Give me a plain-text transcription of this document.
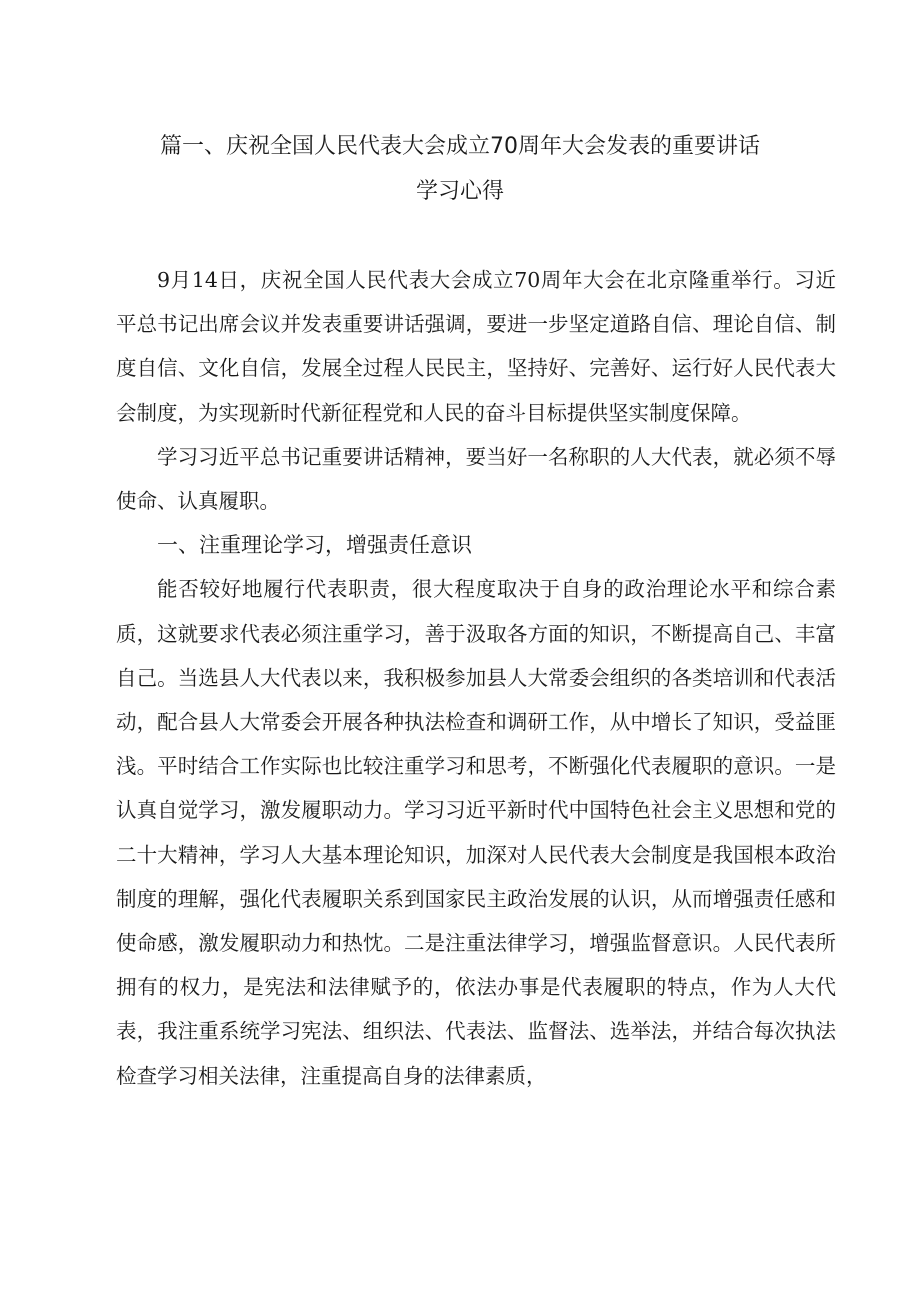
篇一、庆祝全国人民代表大会成立70周年大会发表的重要讲话
学习心得

9月14日，庆祝全国人民代表大会成立70周年大会在北京隆重举行。习近平总书记出席会议并发表重要讲话强调，要进一步坚定道路自信、理论自信、制度自信、文化自信，发展全过程人民民主，坚持好、完善好、运行好人民代表大会制度，为实现新时代新征程党和人民的奋斗目标提供坚实制度保障。

学习习近平总书记重要讲话精神，要当好一名称职的人大代表，就必须不辱使命、认真履职。

一、注重理论学习，增强责任意识

能否较好地履行代表职责，很大程度取决于自身的政治理论水平和综合素质，这就要求代表必须注重学习，善于汲取各方面的知识，不断提高自己、丰富自己。当选县人大代表以来，我积极参加县人大常委会组织的各类培训和代表活动，配合县人大常委会开展各种执法检查和调研工作，从中增长了知识，受益匪浅。平时结合工作实际也比较注重学习和思考，不断强化代表履职的意识。一是认真自觉学习，激发履职动力。学习习近平新时代中国特色社会主义思想和党的二十大精神，学习人大基本理论知识，加深对人民代表大会制度是我国根本政治制度的理解，强化代表履职关系到国家民主政治发展的认识，从而增强责任感和使命感，激发履职动力和热忱。二是注重法律学习，增强监督意识。人民代表所拥有的权力，是宪法和法律赋予的，依法办事是代表履职的特点，作为人大代表，我注重系统学习宪法、组织法、代表法、监督法、选举法，并结合每次执法检查学习相关法律，注重提高自身的法律素质，
